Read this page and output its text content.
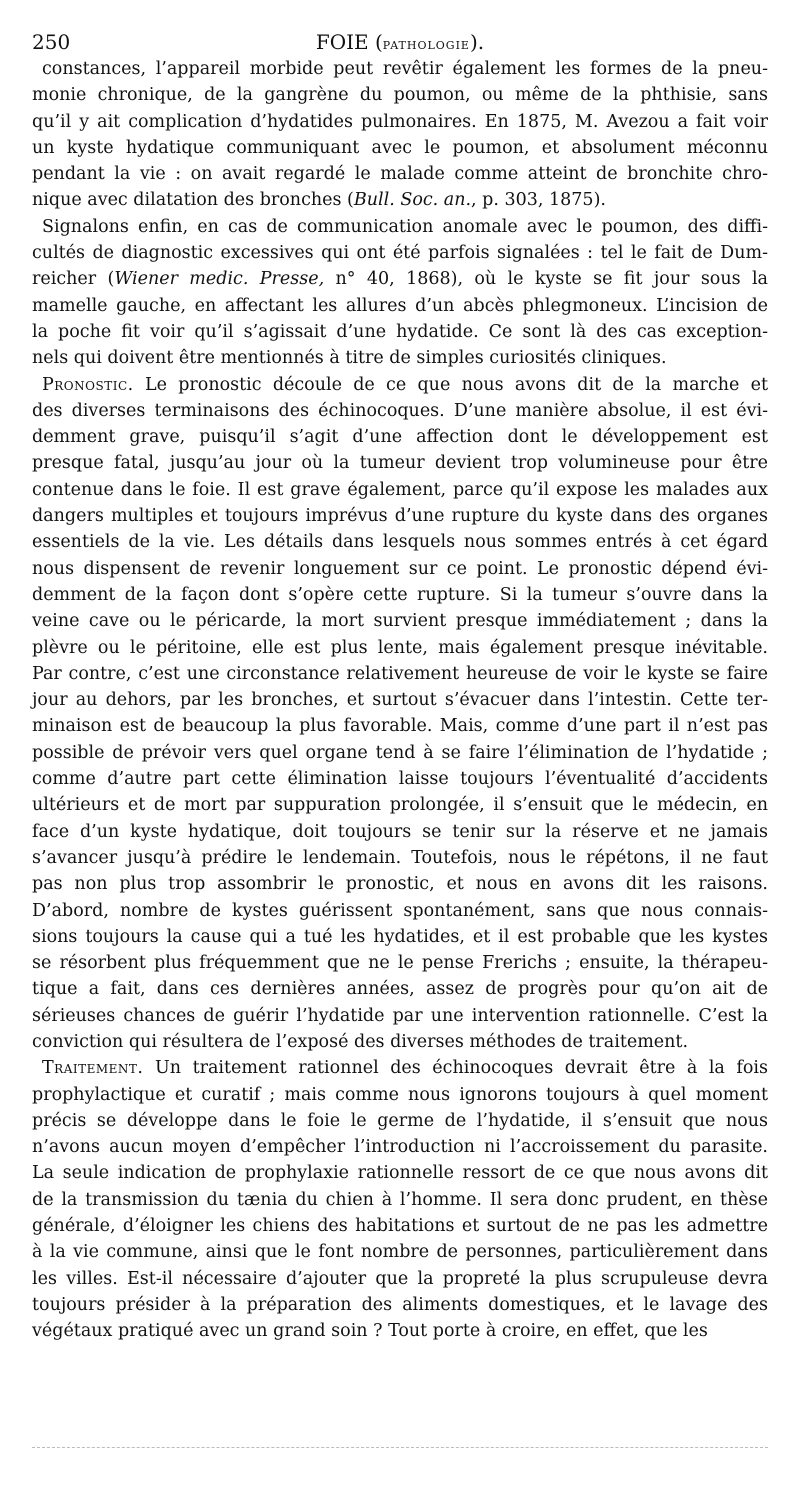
250	FOIE (pathologie).
constances, l’appareil morbide peut revêtir également les formes de la pneu-
monie chronique, de la gangrène du poumon, ou même de la phthisie, sans
qu’il y ait complication d’hydatides pulmonaires. En 1875, M. Avezou a fait voir
un kyste hydatique communiquant avec le poumon, et absolument méconnu
pendant la vie : on avait regardé le malade comme atteint de bronchite chro-
nique avec dilatation des bronches (Bull. Soc. an., p. 303, 1875).
Signalons enfin, en cas de communication anomale avec le poumon, des diffi-
cultés de diagnostic excessives qui ont été parfois signalées : tel le fait de Dum-
reicher (Wiener medic. Presse, n° 40, 1868), où le kyste se fit jour sous la
mamelle gauche, en affectant les allures d’un abcès phlegmoneux. L’incision de
la poche fit voir qu’il s’agissait d’une hydatide. Ce sont là des cas exception-
nels qui doivent être mentionnés à titre de simples curiosités cliniques.
Pronostic. Le pronostic découle de ce que nous avons dit de la marche et
des diverses terminaisons des échinocoques. D’une manière absolue, il est évi-
demment grave, puisqu’il s’agit d’une affection dont le développement est
presque fatal, jusqu’au jour où la tumeur devient trop volumineuse pour être
contenue dans le foie. Il est grave également, parce qu’il expose les malades aux
dangers multiples et toujours imprévus d’une rupture du kyste dans des organes
essentiels de la vie. Les détails dans lesquels nous sommes entrés à cet égard
nous dispensent de revenir longuement sur ce point. Le pronostic dépend évi-
demment de la façon dont s’opère cette rupture. Si la tumeur s’ouvre dans la
veine cave ou le péricarde, la mort survient presque immédiatement ; dans la
plèvre ou le péritoine, elle est plus lente, mais également presque inévitable.
Par contre, c’est une circonstance relativement heureuse de voir le kyste se faire
jour au dehors, par les bronches, et surtout s’évacuer dans l’intestin. Cette ter-
minaison est de beaucoup la plus favorable. Mais, comme d’une part il n’est pas
possible de prévoir vers quel organe tend à se faire l’élimination de l’hydatide ;
comme d’autre part cette élimination laisse toujours l’éventualité d’accidents
ultérieurs et de mort par suppuration prolongée, il s’ensuit que le médecin, en
face d’un kyste hydatique, doit toujours se tenir sur la réserve et ne jamais
s’avancer jusqu’à prédire le lendemain. Toutefois, nous le répétons, il ne faut
pas non plus trop assombrir le pronostic, et nous en avons dit les raisons.
D’abord, nombre de kystes guérissent spontanément, sans que nous connais-
sions toujours la cause qui a tué les hydatides, et il est probable que les kystes
se résorbent plus fréquemment que ne le pense Frerichs ; ensuite, la thérapeu-
tique a fait, dans ces dernières années, assez de progrès pour qu’on ait de
sérieuses chances de guérir l’hydatide par une intervention rationnelle. C’est la
conviction qui résultera de l’exposé des diverses méthodes de traitement.
Traitement. Un traitement rationnel des échinocoques devrait être à la fois
prophylactique et curatif ; mais comme nous ignorons toujours à quel moment
précis se développe dans le foie le germe de l’hydatide, il s’ensuit que nous
n’avons aucun moyen d’empêcher l’introduction ni l’accroissement du parasite.
La seule indication de prophylaxie rationnelle ressort de ce que nous avons dit
de la transmission du tænia du chien à l’homme. Il sera donc prudent, en thèse
générale, d’éloigner les chiens des habitations et surtout de ne pas les admettre
à la vie commune, ainsi que le font nombre de personnes, particulièrement dans
les villes. Est-il nécessaire d’ajouter que la propreté la plus scrupuleuse devra
toujours présider à la préparation des aliments domestiques, et le lavage des
végétaux pratiqué avec un grand soin ? Tout porte à croire, en effet, que les
